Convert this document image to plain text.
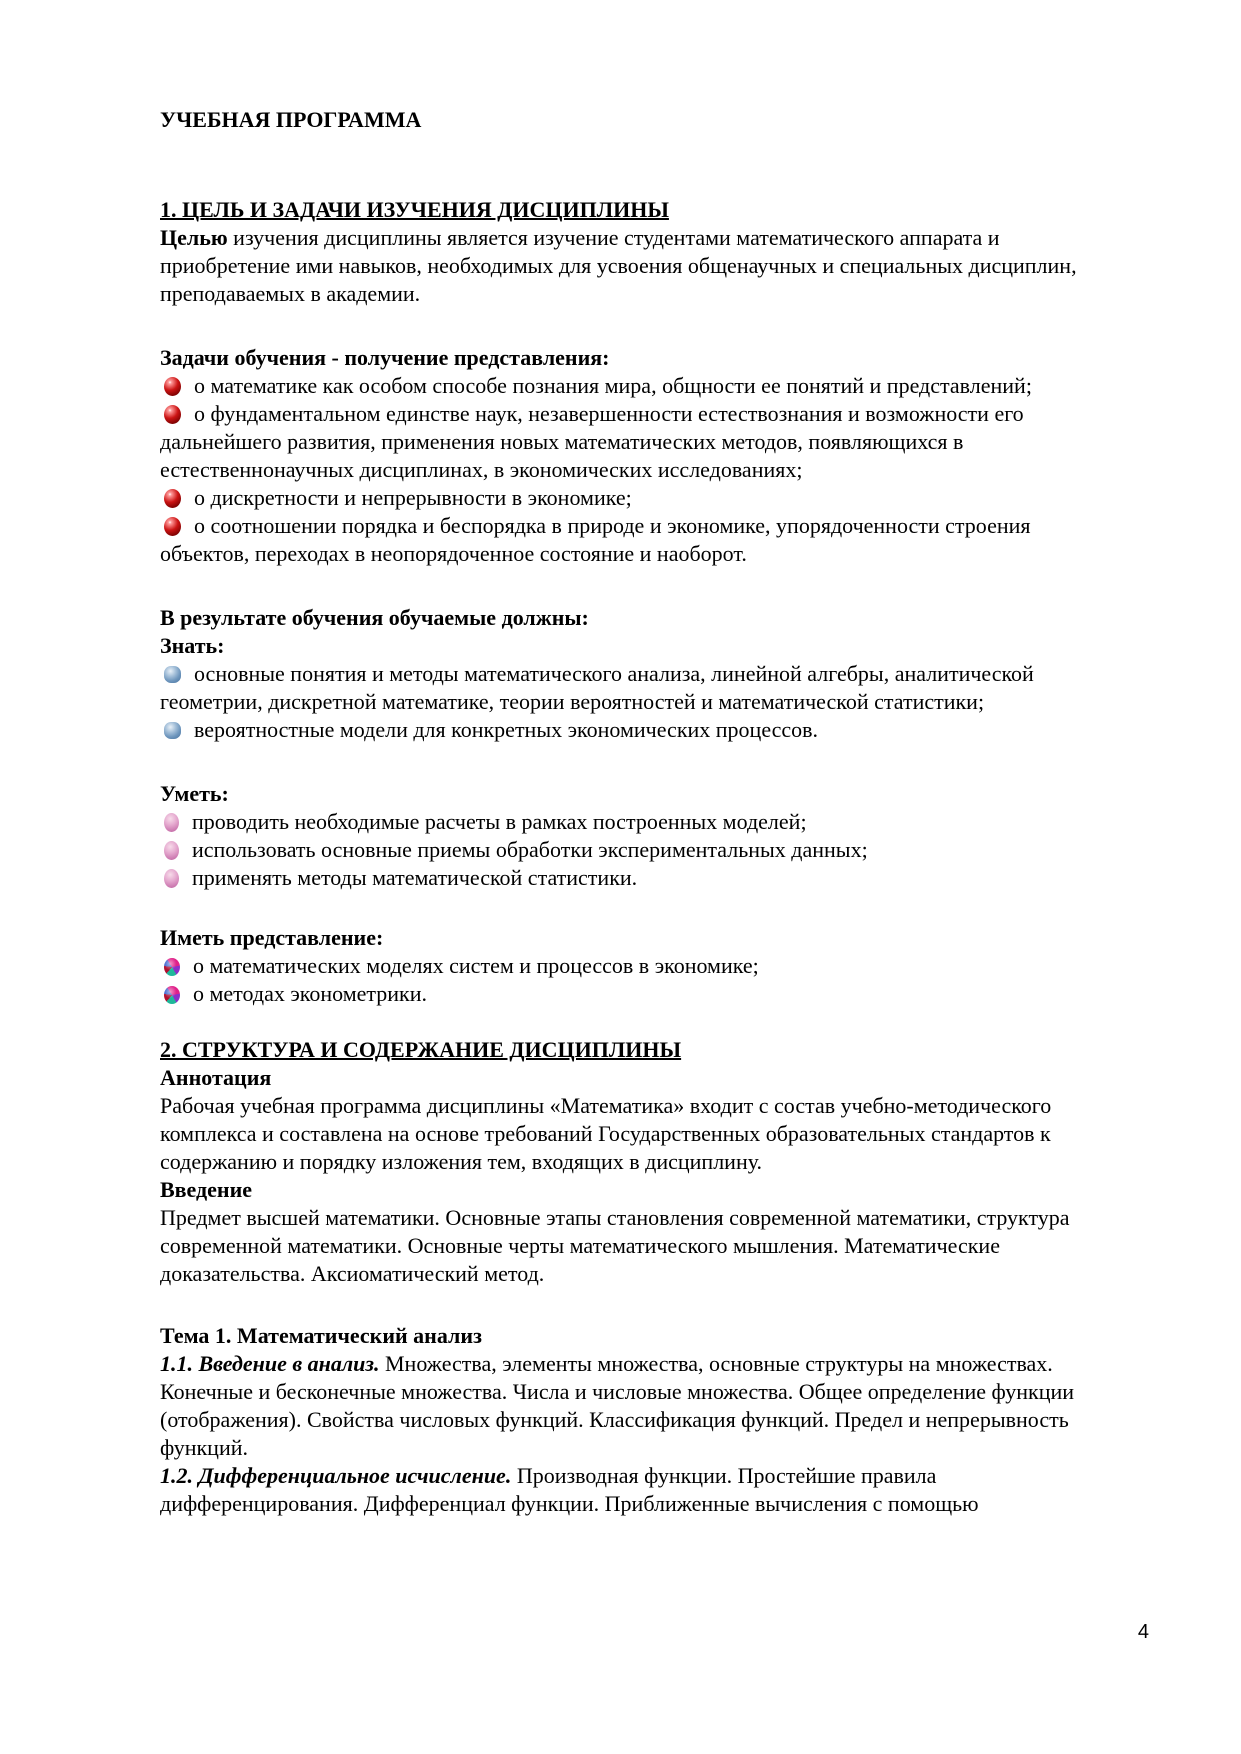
УЧЕБНАЯ ПРОГРАММА

1. ЦЕЛЬ И ЗАДАЧИ ИЗУЧЕНИЯ ДИСЦИПЛИНЫ

Целью изучения дисциплины является изучение студентами математического аппарата и приобретение ими навыков, необходимых для усвоения общенаучных и специальных дисциплин, преподаваемых в академии.

Задачи обучения - получение представления:

о математике как особом способе познания мира, общности ее понятий и представлений;

о фундаментальном единстве наук, незавершенности естествознания и возможности его дальнейшего развития, применения новых математических методов, появляющихся в естественнонаучных дисциплинах, в экономических исследованиях;

о дискретности и непрерывности в экономике;

о соотношении порядка и беспорядка в природе и экономике, упорядоченности строения объектов, переходах в неопорядоченное состояние и наоборот.

В результате обучения обучаемые должны:

Знать:

основные понятия и методы математического анализа, линейной алгебры, аналитической геометрии, дискретной математике, теории вероятностей и математической статистики;

вероятностные модели для конкретных экономических процессов.

Уметь:

проводить необходимые расчеты в рамках построенных моделей;

использовать основные приемы обработки экспериментальных данных;

применять методы математической статистики.

Иметь представление:

о математических моделях систем и процессов в экономике;

о методах эконометрики.

2. СТРУКТУРА И СОДЕРЖАНИЕ ДИСЦИПЛИНЫ

Аннотация

Рабочая учебная программа дисциплины «Математика» входит с состав учебно-методического комплекса и составлена на основе требований Государственных образовательных стандартов к содержанию и порядку изложения тем, входящих в дисциплину.

Введение

Предмет высшей математики. Основные этапы становления современной математики, структура современной математики. Основные черты математического мышления. Математические доказательства. Аксиоматический метод.

Тема 1. Математический анализ

1.1. Введение в анализ. Множества, элементы множества, основные структуры на множествах. Конечные и бесконечные множества. Числа и числовые множества. Общее определение функции (отображения). Свойства числовых функций. Классификация функций. Предел и непрерывность функций.

1.2. Дифференциальное исчисление. Производная функции. Простейшие правила дифференцирования. Дифференциал функции. Приближенные вычисления с помощью

4
